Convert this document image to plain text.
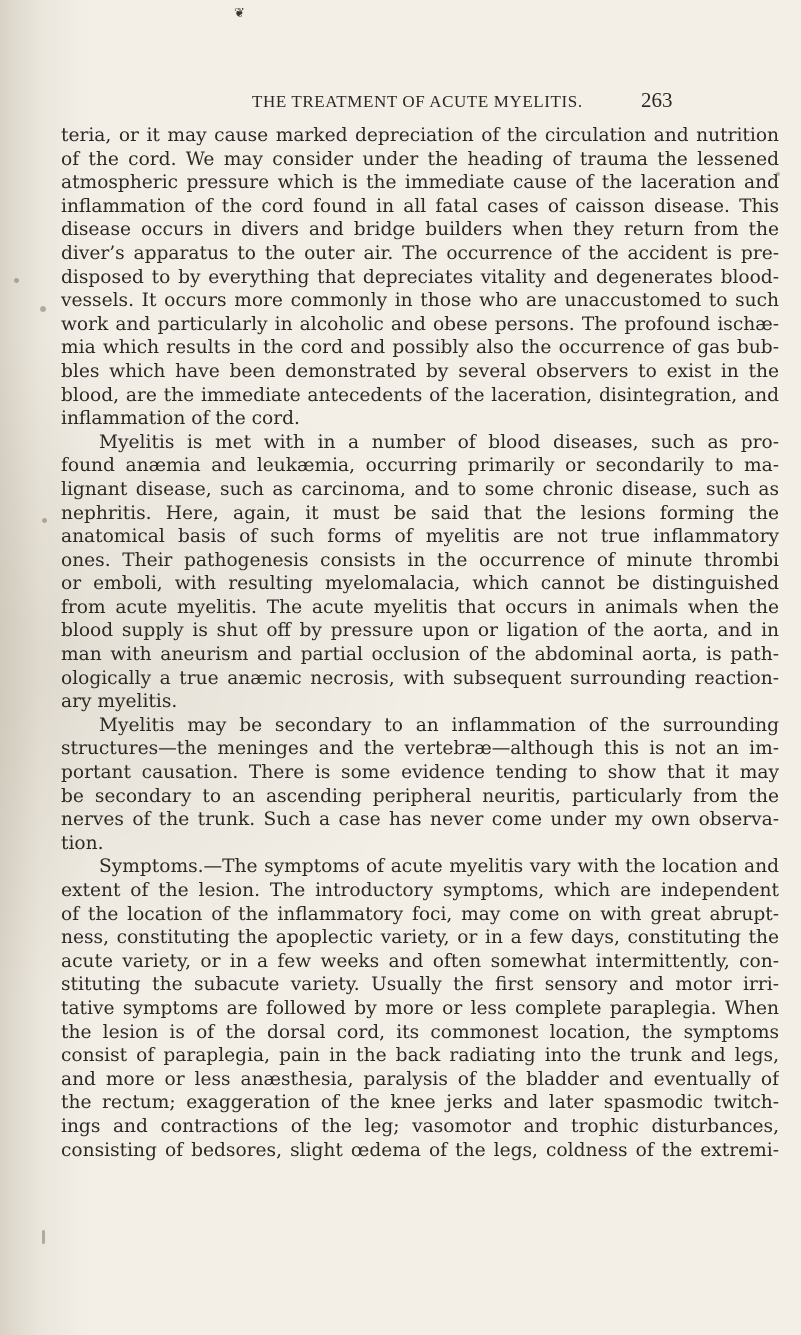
❦
THE TREATMENT OF ACUTE MYELITIS.	263
teria, or it may cause marked depreciation of the circulation and nutrition
of the cord. We may consider under the heading of trauma the lessened
atmospheric pressure which is the immediate cause of the laceration and
inflammation of the cord found in all fatal cases of caisson disease. This
disease occurs in divers and bridge builders when they return from the
diver’s apparatus to the outer air. The occurrence of the accident is pre-
disposed to by everything that depreciates vitality and degenerates blood-
vessels. It occurs more commonly in those who are unaccustomed to such
work and particularly in alcoholic and obese persons. The profound ischæ-
mia which results in the cord and possibly also the occurrence of gas bub-
bles which have been demonstrated by several observers to exist in the
blood, are the immediate antecedents of the laceration, disintegration, and
inflammation of the cord.
Myelitis is met with in a number of blood diseases, such as pro-
found anæmia and leukæmia, occurring primarily or secondarily to ma-
lignant disease, such as carcinoma, and to some chronic disease, such as
nephritis. Here, again, it must be said that the lesions forming the
anatomical basis of such forms of myelitis are not true inflammatory
ones. Their pathogenesis consists in the occurrence of minute thrombi
or emboli, with resulting myelomalacia, which cannot be distinguished
from acute myelitis. The acute myelitis that occurs in animals when the
blood supply is shut off by pressure upon or ligation of the aorta, and in
man with aneurism and partial occlusion of the abdominal aorta, is path-
ologically a true anæmic necrosis, with subsequent surrounding reaction-
ary myelitis.
Myelitis may be secondary to an inflammation of the surrounding
structures—the meninges and the vertebræ—although this is not an im-
portant causation. There is some evidence tending to show that it may
be secondary to an ascending peripheral neuritis, particularly from the
nerves of the trunk. Such a case has never come under my own observa-
tion.
Symptoms.—The symptoms of acute myelitis vary with the location and
extent of the lesion. The introductory symptoms, which are independent
of the location of the inflammatory foci, may come on with great abrupt-
ness, constituting the apoplectic variety, or in a few days, constituting the
acute variety, or in a few weeks and often somewhat intermittently, con-
stituting the subacute variety. Usually the first sensory and motor irri-
tative symptoms are followed by more or less complete paraplegia. When
the lesion is of the dorsal cord, its commonest location, the symptoms
consist of paraplegia, pain in the back radiating into the trunk and legs,
and more or less anæsthesia, paralysis of the bladder and eventually of
the rectum; exaggeration of the knee jerks and later spasmodic twitch-
ings and contractions of the leg; vasomotor and trophic disturbances,
consisting of bedsores, slight œdema of the legs, coldness of the extremi-
